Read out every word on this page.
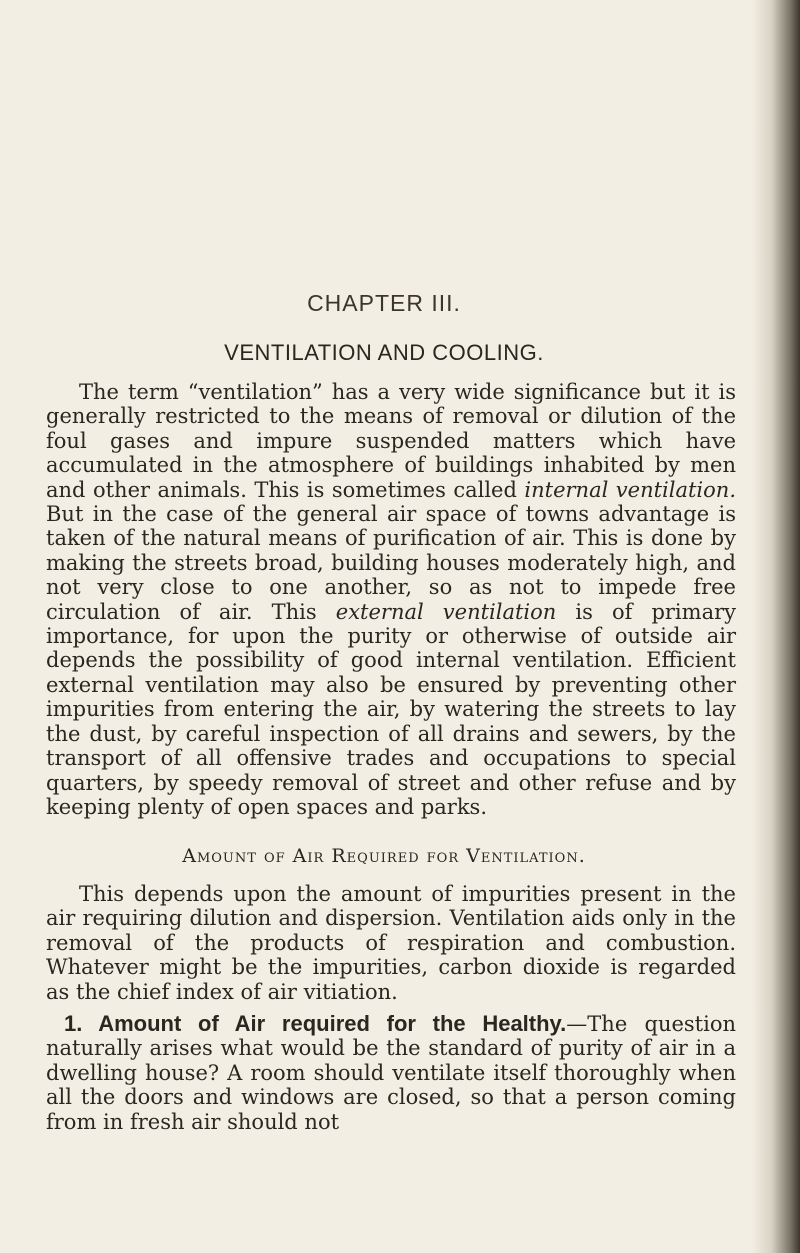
CHAPTER III.
VENTILATION AND COOLING.

The term “ventilation” has a very wide significance but it is generally restricted to the means of removal or dilution of the foul gases and impure suspended matters which have accumulated in the atmosphere of buildings inhabited by men and other animals. This is sometimes called internal ventilation. But in the case of the general air space of towns advantage is taken of the natural means of purification of air. This is done by making the streets broad, building houses moderately high, and not very close to one another, so as not to impede free circulation of air. This external ventilation is of primary importance, for upon the purity or otherwise of outside air depends the possibility of good internal ventilation. Efficient external ventilation may also be ensured by preventing other impurities from entering the air, by watering the streets to lay the dust, by careful inspection of all drains and sewers, by the transport of all offensive trades and occupations to special quarters, by speedy removal of street and other refuse and by keeping plenty of open spaces and parks.

Amount of Air Required for Ventilation.

This depends upon the amount of impurities present in the air requiring dilution and dispersion. Ventilation aids only in the removal of the products of respiration and combustion. Whatever might be the impurities, carbon dioxide is regarded as the chief index of air vitiation.

1. Amount of Air required for the Healthy.—The question naturally arises what would be the standard of purity of air in a dwelling house? A room should ventilate itself thoroughly when all the doors and windows are closed, so that a person coming from in fresh air should not
